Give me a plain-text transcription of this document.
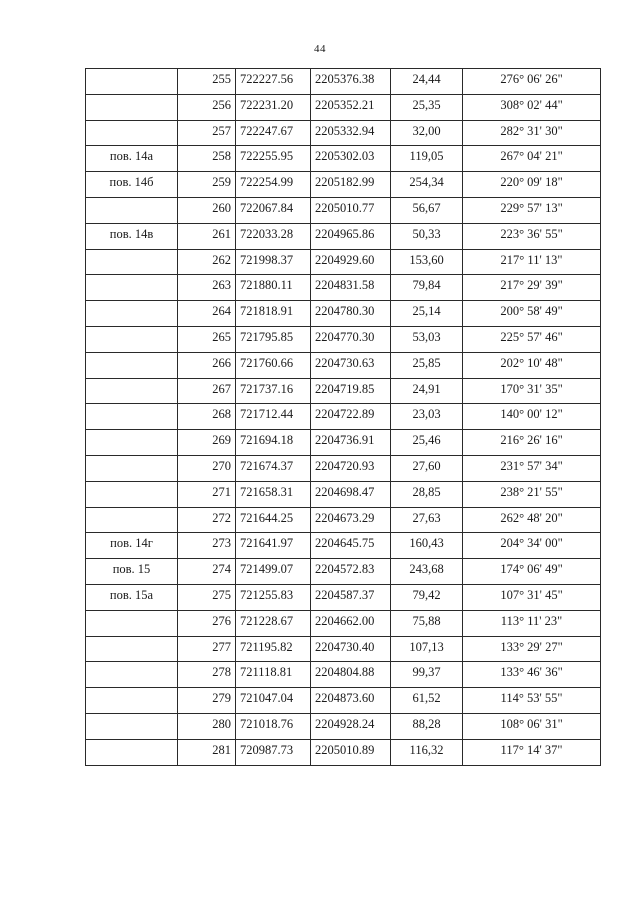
44
	255	722227.56	2205376.38	24,44	276° 06' 26"
	256	722231.20	2205352.21	25,35	308° 02' 44"
	257	722247.67	2205332.94	32,00	282° 31' 30"
пов. 14а	258	722255.95	2205302.03	119,05	267° 04' 21"
пов. 14б	259	722254.99	2205182.99	254,34	220° 09' 18"
	260	722067.84	2205010.77	56,67	229° 57' 13"
пов. 14в	261	722033.28	2204965.86	50,33	223° 36' 55"
	262	721998.37	2204929.60	153,60	217° 11' 13"
	263	721880.11	2204831.58	79,84	217° 29' 39"
	264	721818.91	2204780.30	25,14	200° 58' 49"
	265	721795.85	2204770.30	53,03	225° 57' 46"
	266	721760.66	2204730.63	25,85	202° 10' 48"
	267	721737.16	2204719.85	24,91	170° 31' 35"
	268	721712.44	2204722.89	23,03	140° 00' 12"
	269	721694.18	2204736.91	25,46	216° 26' 16"
	270	721674.37	2204720.93	27,60	231° 57' 34"
	271	721658.31	2204698.47	28,85	238° 21' 55"
	272	721644.25	2204673.29	27,63	262° 48' 20"
пов. 14г	273	721641.97	2204645.75	160,43	204° 34' 00"
пов. 15	274	721499.07	2204572.83	243,68	174° 06' 49"
пов. 15а	275	721255.83	2204587.37	79,42	107° 31' 45"
	276	721228.67	2204662.00	75,88	113° 11' 23"
	277	721195.82	2204730.40	107,13	133° 29' 27"
	278	721118.81	2204804.88	99,37	133° 46' 36"
	279	721047.04	2204873.60	61,52	114° 53' 55"
	280	721018.76	2204928.24	88,28	108° 06' 31"
	281	720987.73	2205010.89	116,32	117° 14' 37"
